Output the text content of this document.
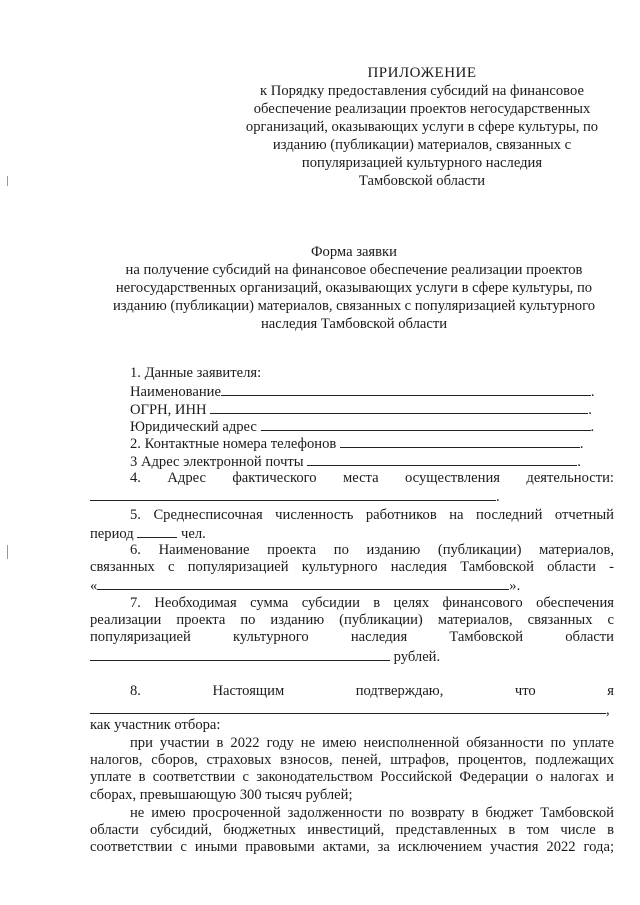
ПРИЛОЖЕНИЕ
к Порядку предоставления субсидий на финансовое
обеспечение реализации проектов негосударственных
организаций, оказывающих услуги в сфере культуры, по
изданию (публикации) материалов, связанных с
популяризацией культурного наследия
Тамбовской области
Форма заявки
на получение субсидий на финансовое обеспечение реализации проектов
негосударственных организаций, оказывающих услуги в сфере культуры, по
изданию (публикации) материалов, связанных с популяризацией культурного
наследия Тамбовской области
1. Данные заявителя:
Наименование	.
ОГРН, ИНН	.
Юридический адрес	.
2. Контактные номера телефонов	.
3 Адрес электронной почты	.
4. Адрес фактического места осуществления деятельности:
.
5. Среднесписочная численность работников на последний отчетный
период	чел.
6. Наименование проекта по изданию (публикации) материалов,
связанных с популяризацией культурного наследия Тамбовской области -
«	».
7. Необходимая сумма субсидии в целях финансового обеспечения
реализации проекта по изданию (публикации) материалов, связанных с
популяризацией культурного наследия Тамбовской области
рублей.
8. Настоящим подтверждаю, что я
,
как участник отбора:
при участии в 2022 году не имею неисполненной обязанности по уплате
налогов, сборов, страховых взносов, пеней, штрафов, процентов, подлежащих
уплате в соответствии с законодательством Российской Федерации о налогах и
сборах, превышающую 300 тысяч рублей;
не имею просроченной задолженности по возврату в бюджет Тамбовской
области субсидий, бюджетных инвестиций, представленных в том числе в
соответствии с иными правовыми актами, за исключением участия 2022 года;
